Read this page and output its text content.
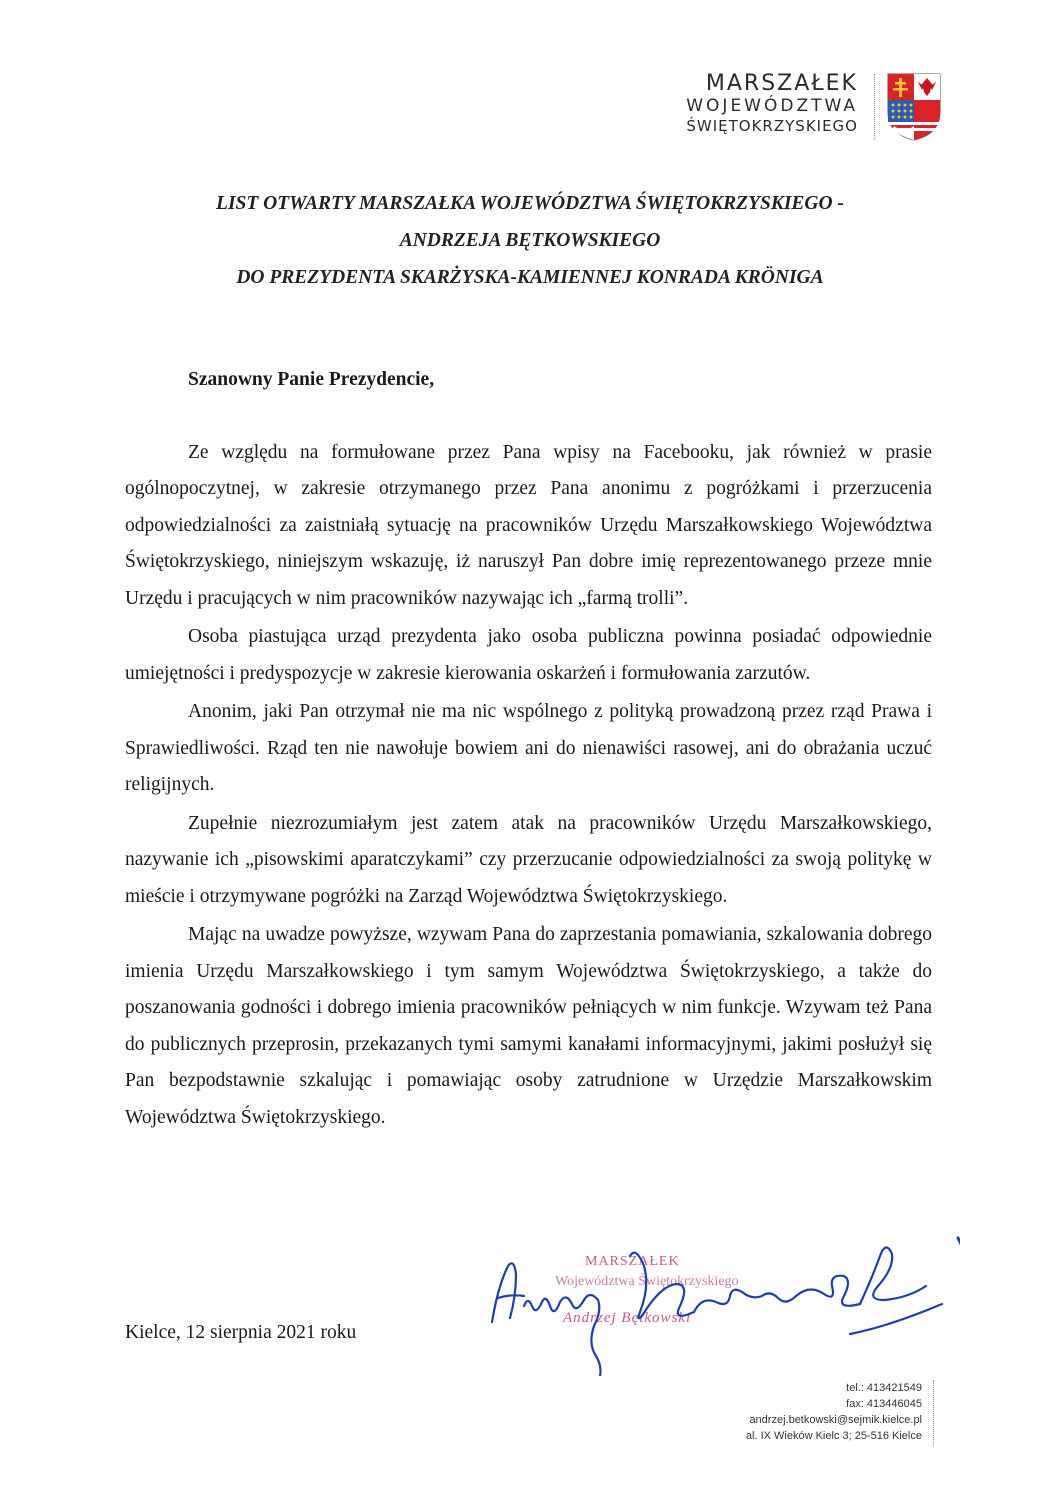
MARSZAŁEK
WOJEWÓDZTWA
ŚWIĘTOKRZYSKIEGO
LIST OTWARTY MARSZAŁKA WOJEWÓDZTWA ŚWIĘTOKRZYSKIEGO -
ANDRZEJA BĘTKOWSKIEGO
DO PREZYDENTA SKARŻYSKA-KAMIENNEJ KONRADA KRÖNIGA
Szanowny Panie Prezydencie,

Ze względu na formułowane przez Pana wpisy na Facebooku, jak również w prasie ogólnopoczytnej, w zakresie otrzymanego przez Pana anonimu z pogróżkami i przerzucenia odpowiedzialności za zaistniałą sytuację na pracowników Urzędu Marszałkowskiego Województwa Świętokrzyskiego, niniejszym wskazuję, iż naruszył Pan dobre imię reprezentowanego przeze mnie Urzędu i pracujących w nim pracowników nazywając ich „farmą trolli”.

Osoba piastująca urząd prezydenta jako osoba publiczna powinna posiadać odpowiednie umiejętności i predyspozycje w zakresie kierowania oskarżeń i formułowania zarzutów.

Anonim, jaki Pan otrzymał nie ma nic wspólnego z polityką prowadzoną przez rząd Prawa i Sprawiedliwości. Rząd ten nie nawołuje bowiem ani do nienawiści rasowej, ani do obrażania uczuć religijnych.

Zupełnie niezrozumiałym jest zatem atak na pracowników Urzędu Marszałkowskiego, nazywanie ich „pisowskimi aparatczykami” czy przerzucanie odpowiedzialności za swoją politykę w mieście i otrzymywane pogróżki na Zarząd Województwa Świętokrzyskiego.

Mając na uwadze powyższe, wzywam Pana do zaprzestania pomawiania, szkalowania dobrego imienia Urzędu Marszałkowskiego i tym samym Województwa Świętokrzyskiego, a także do poszanowania godności i dobrego imienia pracowników pełniących w nim funkcje. Wzywam też Pana do publicznych przeprosin, przekazanych tymi samymi kanałami informacyjnymi, jakimi posłużył się Pan bezpodstawnie szkalując i pomawiając osoby zatrudnione w Urzędzie Marszałkowskim Województwa Świętokrzyskiego.

MARSZAŁEK
Województwa Świętokrzyskiego
Andrzej Bętkowski
Kielce, 12 sierpnia 2021 roku
tel.: 413421549
fax: 413446045
andrzej.betkowski@sejmik.kielce.pl
al. IX Wieków Kielc 3; 25-516 Kielce
